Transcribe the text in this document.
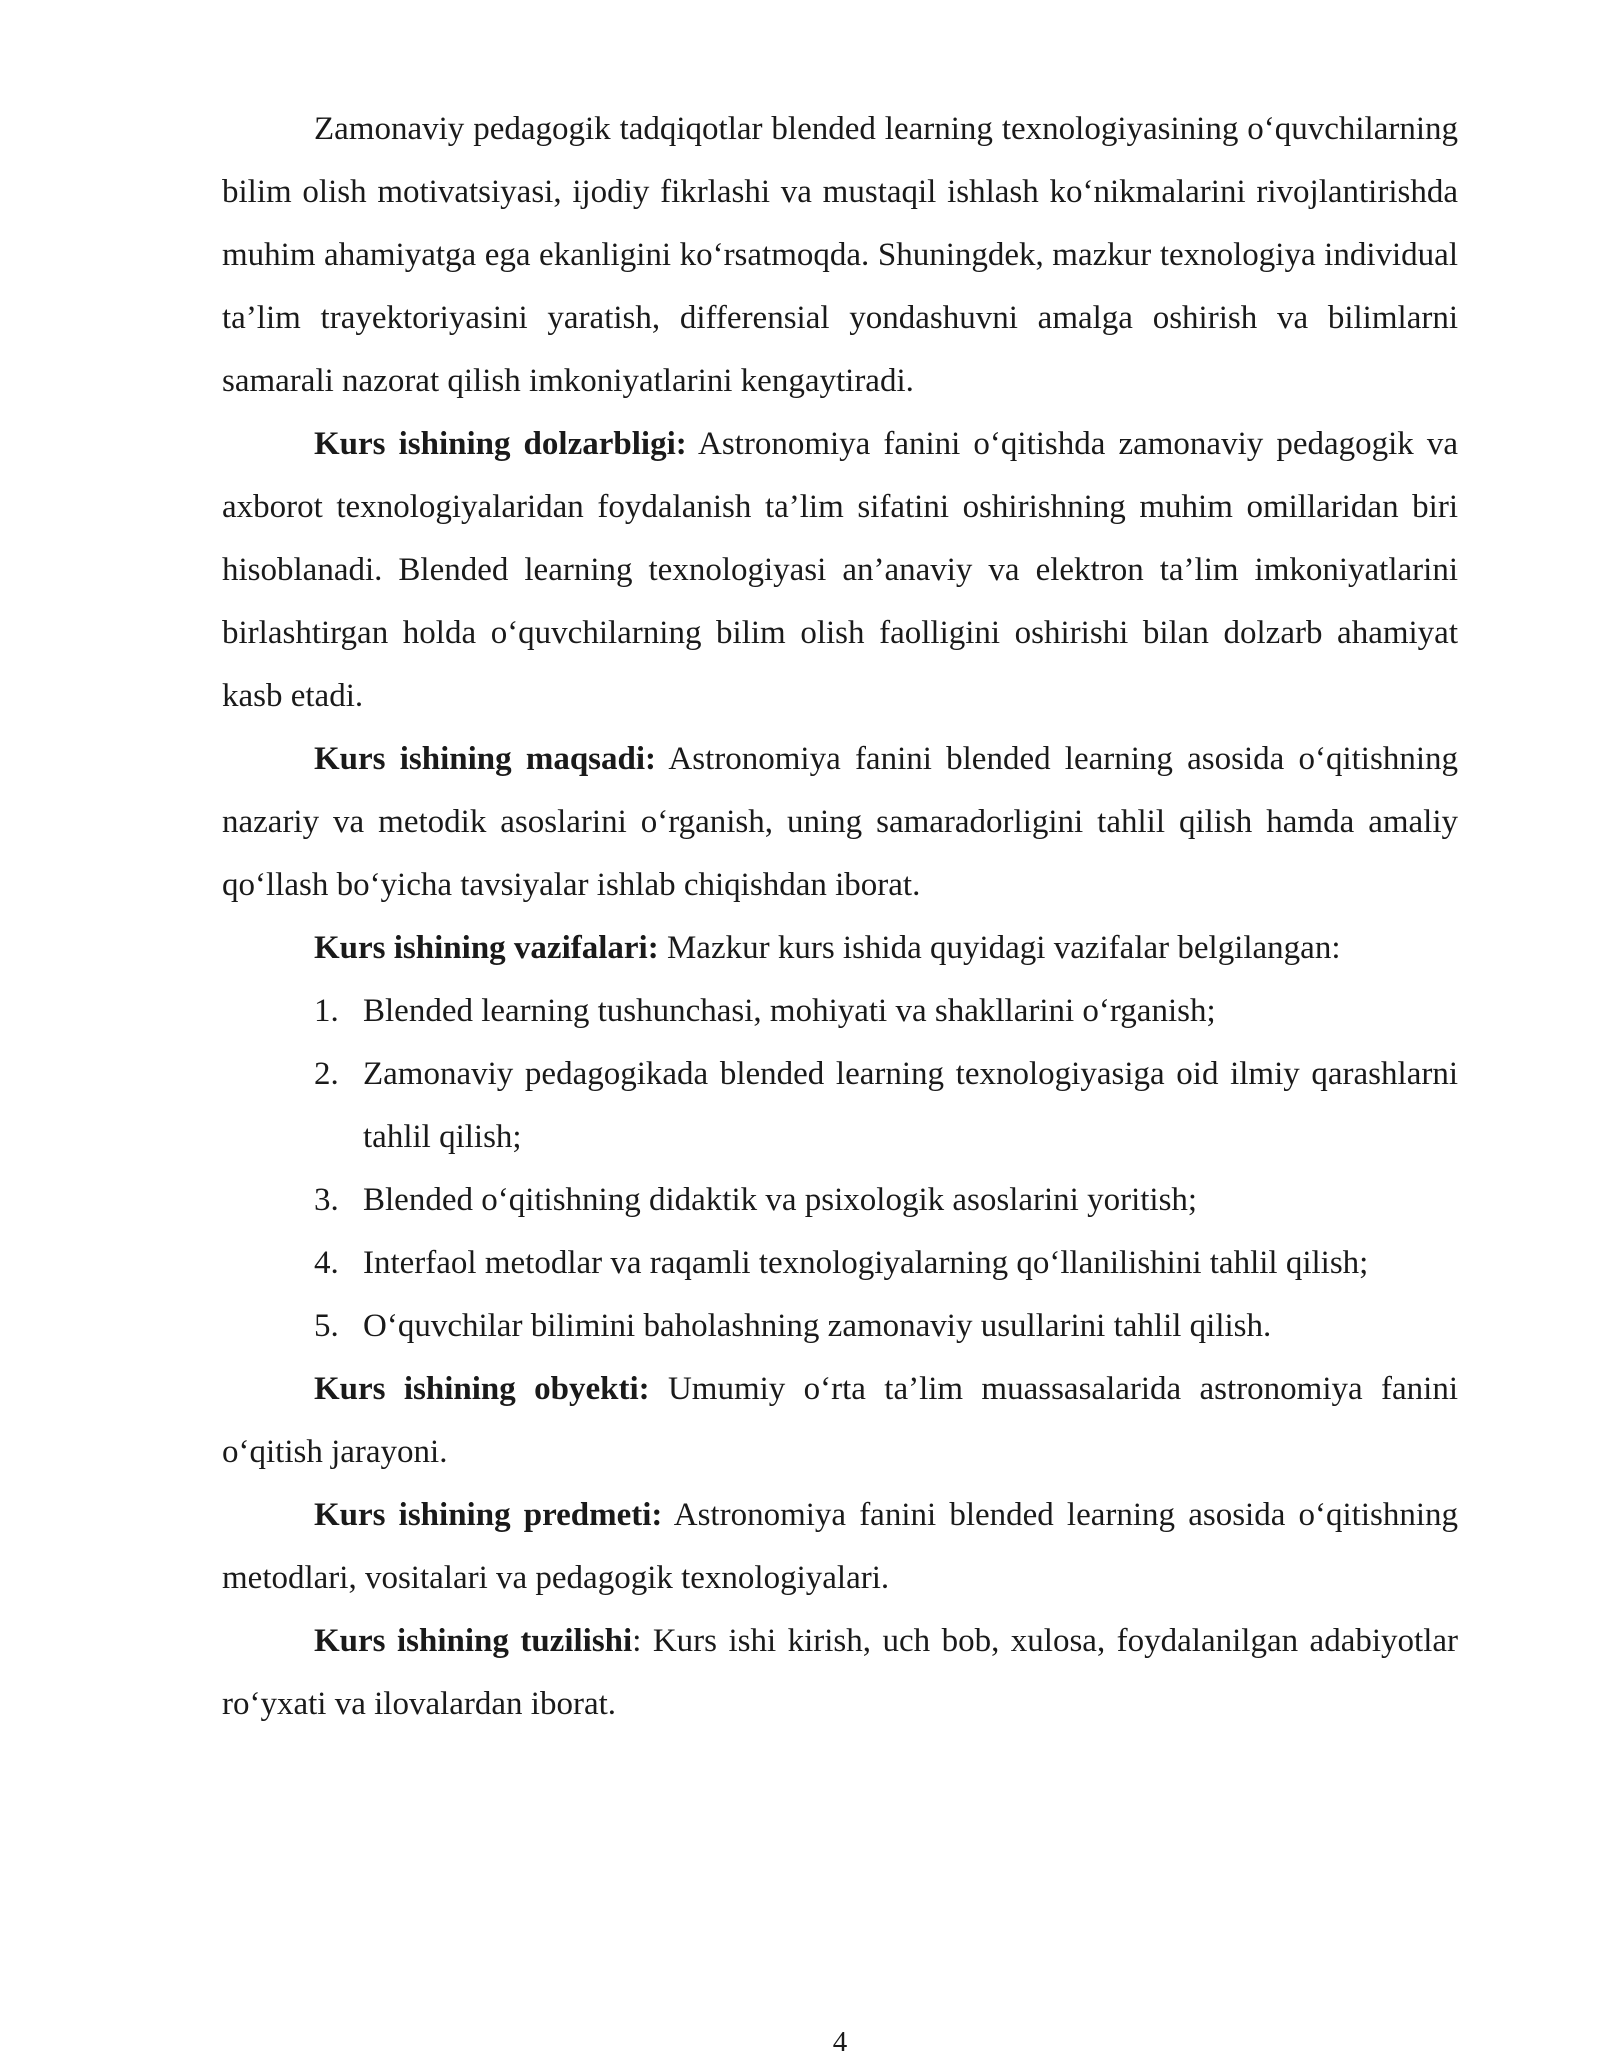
Zamonaviy pedagogik tadqiqotlar blended learning texnologiyasining o‘quvchilarning bilim olish motivatsiyasi, ijodiy fikrlashi va mustaqil ishlash ko‘nikmalarini rivojlantirishda muhim ahamiyatga ega ekanligini ko‘rsatmoqda. Shuningdek, mazkur texnologiya individual ta’lim trayektoriyasini yaratish, differensial yondashuvni amalga oshirish va bilimlarni samarali nazorat qilish imkoniyatlarini kengaytiradi.

Kurs ishining dolzarbligi: Astronomiya fanini o‘qitishda zamonaviy pedagogik va axborot texnologiyalaridan foydalanish ta’lim sifatini oshirishning muhim omillaridan biri hisoblanadi. Blended learning texnologiyasi an’anaviy va elektron ta’lim imkoniyatlarini birlashtirgan holda o‘quvchilarning bilim olish faolligini oshirishi bilan dolzarb ahamiyat kasb etadi.

Kurs ishining maqsadi: Astronomiya fanini blended learning asosida o‘qitishning nazariy va metodik asoslarini o‘rganish, uning samaradorligini tahlil qilish hamda amaliy qo‘llash bo‘yicha tavsiyalar ishlab chiqishdan iborat.

Kurs ishining vazifalari: Mazkur kurs ishida quyidagi vazifalar belgilangan:

1. Blended learning tushunchasi, mohiyati va shakllarini o‘rganish;
2. Zamonaviy pedagogikada blended learning texnologiyasiga oid ilmiy qarashlarni tahlil qilish;
3. Blended o‘qitishning didaktik va psixologik asoslarini yoritish;
4. Interfaol metodlar va raqamli texnologiyalarning qo‘llanilishini tahlil qilish;
5. O‘quvchilar bilimini baholashning zamonaviy usullarini tahlil qilish.

Kurs ishining obyekti: Umumiy o‘rta ta’lim muassasalarida astronomiya fanini o‘qitish jarayoni.

Kurs ishining predmeti: Astronomiya fanini blended learning asosida o‘qitishning metodlari, vositalari va pedagogik texnologiyalari.

Kurs ishining tuzilishi: Kurs ishi kirish, uch bob, xulosa, foydalanilgan adabiyotlar ro‘yxati va ilovalardan iborat.

4
